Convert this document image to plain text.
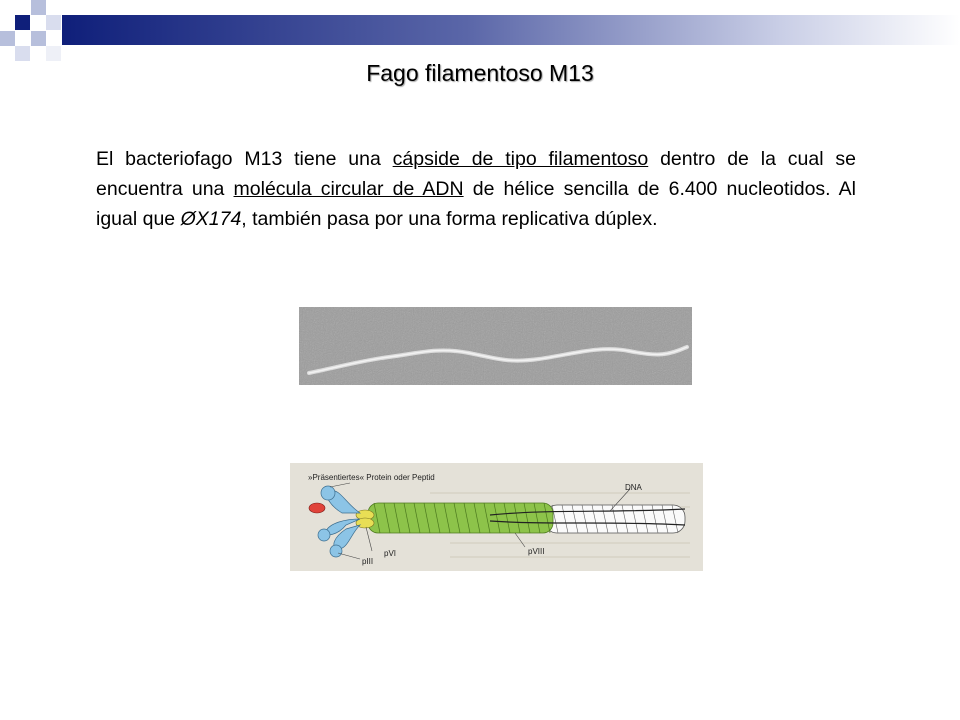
Fago filamentoso M13

El bacteriofago M13 tiene una cápside de tipo filamentoso dentro de la cual se encuentra una molécula circular de ADN de hélice sencilla de 6.400 nucleotidos. Al igual que ØX174, también pasa por una forma replicativa dúplex.

»Präsentiertes« Protein oder Peptid
DNA
pVI
pIII
pVIII
